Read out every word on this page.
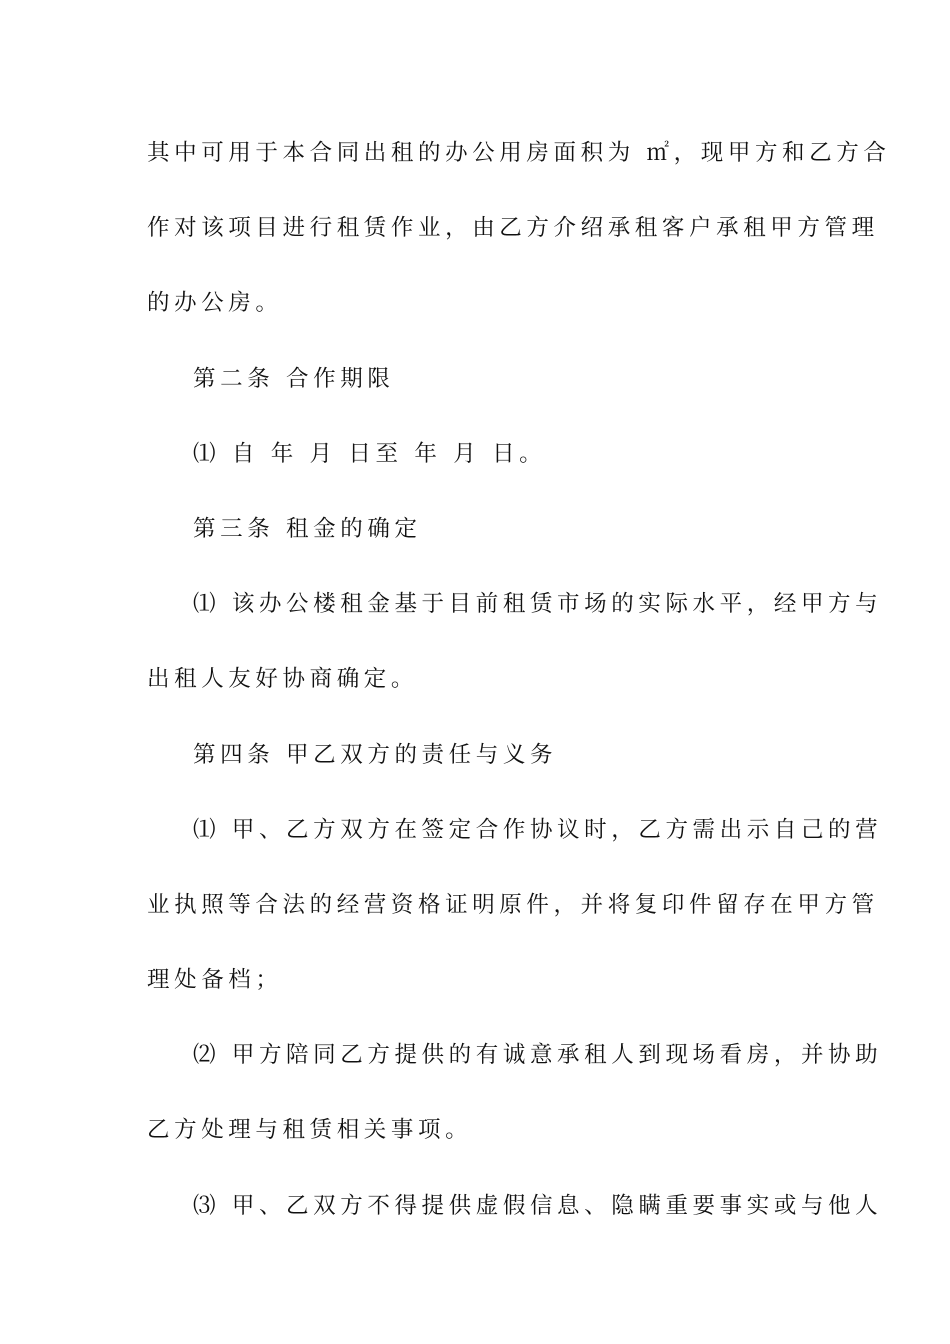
其中可用于本合同出租的办公用房面积为 ㎡，现甲方和乙方合
作对该项目进行租赁作业，由乙方介绍承租客户承租甲方管理
的办公房。
第二条 合作期限
⑴ 自 年 月 日至 年 月 日。
第三条 租金的确定
⑴ 该办公楼租金基于目前租赁市场的实际水平，经甲方与
出租人友好协商确定。
第四条 甲乙双方的责任与义务
⑴ 甲、乙方双方在签定合作协议时，乙方需出示自己的营
业执照等合法的经营资格证明原件，并将复印件留存在甲方管
理处备档；
⑵ 甲方陪同乙方提供的有诚意承租人到现场看房，并协助
乙方处理与租赁相关事项。
⑶ 甲、乙双方不得提供虚假信息、隐瞒重要事实或与他人
